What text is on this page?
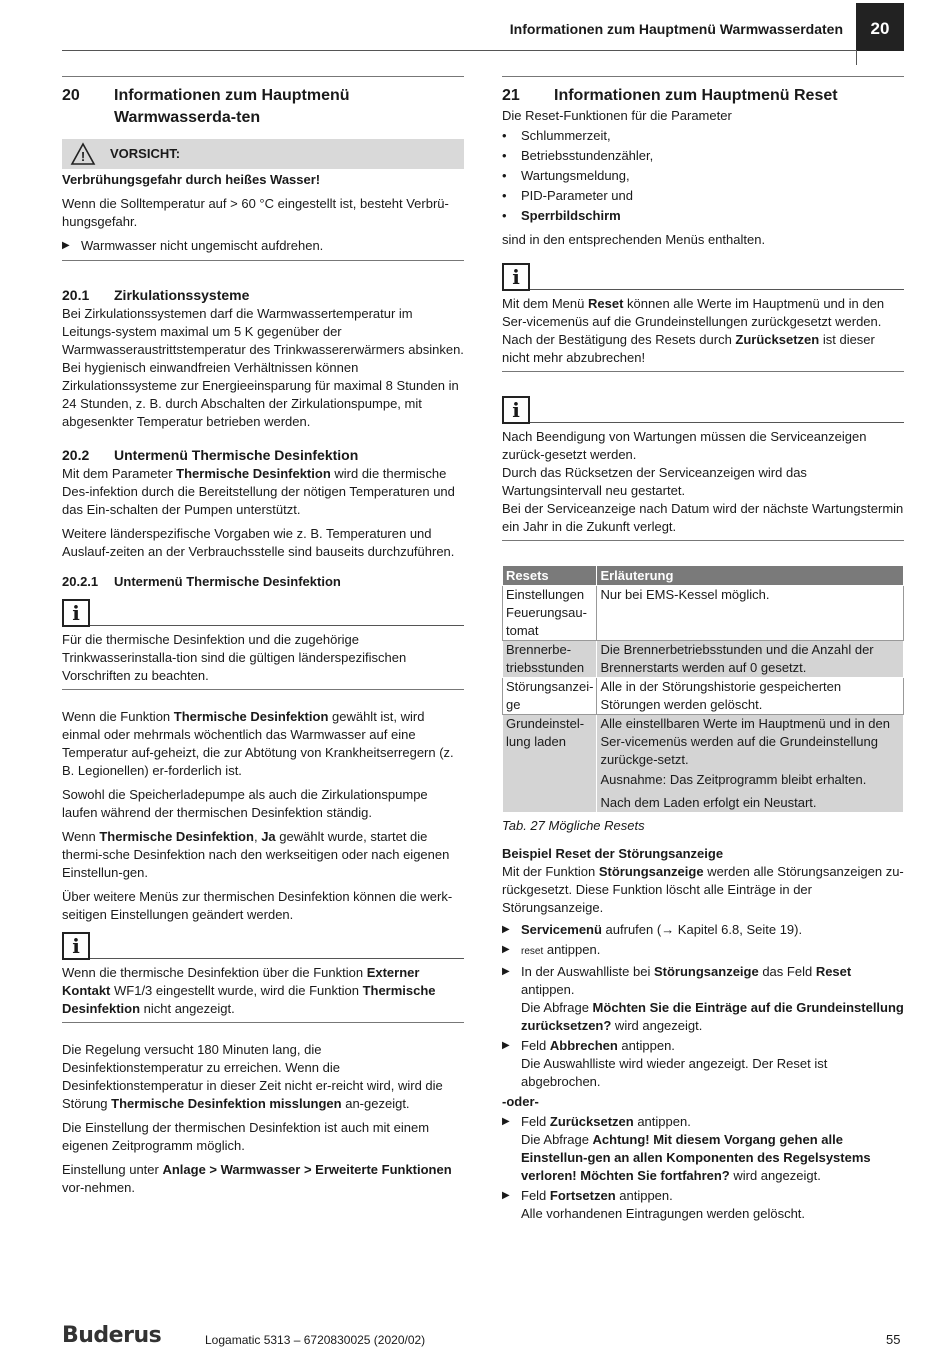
Informationen zum Hauptmenü Warmwasserdaten	20
20	Informationen zum Hauptmenü Warmwasserda-ten
! VORSICHT:

Verbrühungsgefahr durch heißes Wasser!

Wenn die Solltemperatur auf > 60 °C eingestellt ist, besteht Verbrü-hungsgefahr.

▶ Warmwasser nicht ungemischt aufdrehen.
20.1	Zirkulationssysteme

Bei Zirkulationssystemen darf die Warmwassertemperatur im Leitungs-system maximal um 5 K gegenüber der Warmwasseraustrittstemperatur des Trinkwassererwärmers absinken. Bei hygienisch einwandfreien Verhältnissen können Zirkulationssysteme zur Energieeinsparung für maximal 8 Stunden in 24 Stunden, z. B. durch Abschalten der Zirkulationspumpe, mit abgesenkter Temperatur betrieben werden.

20.2	Untermenü Thermische Desinfektion

Mit dem Parameter Thermische Desinfektion wird die thermische Des-infektion durch die Bereitstellung der nötigen Temperaturen und das Ein-schalten der Pumpen unterstützt.

Weitere länderspezifische Vorgaben wie z. B. Temperaturen und Auslauf-zeiten an der Verbrauchsstelle sind bauseits durchzuführen.

20.2.1	Untermenü Thermische Desinfektion
i

Für die thermische Desinfektion und die zugehörige Trinkwasserinstalla-tion sind die gültigen länderspezifischen Vorschriften zu beachten.

Wenn die Funktion Thermische Desinfektion gewählt ist, wird einmal oder mehrmals wöchentlich das Warmwasser auf eine Temperatur auf-geheizt, die zur Abtötung von Krankheitserregern (z. B. Legionellen) er-forderlich ist.

Sowohl die Speicherladepumpe als auch die Zirkulationspumpe laufen während der thermischen Desinfektion ständig.

Wenn Thermische Desinfektion, Ja gewählt wurde, startet die thermi-sche Desinfektion nach den werkseitigen oder nach eigenen Einstellun-gen.

Über weitere Menüs zur thermischen Desinfektion können die werk-seitigen Einstellungen geändert werden.

i

Wenn die thermische Desinfektion über die Funktion Externer Kontakt WF1/3 eingestellt wurde, wird die Funktion Thermische Desinfektion nicht angezeigt.

Die Regelung versucht 180 Minuten lang, die Desinfektionstemperatur zu erreichen. Wenn die Desinfektionstemperatur in dieser Zeit nicht er-reicht wird, wird die Störung Thermische Desinfektion misslungen an-gezeigt.

Die Einstellung der thermischen Desinfektion ist auch mit einem eigenen Zeitprogramm möglich.

Einstellung unter Anlage > Warmwasser > Erweiterte Funktionen vor-nehmen.

21	Informationen zum Hauptmenü Reset

Die Reset-Funktionen für die Parameter

•	Schlummerzeit,
•	Betriebsstundenzähler,
•	Wartungsmeldung,
•	PID-Parameter und
•	Sperrbildschirm

sind in den entsprechenden Menüs enthalten.

i

Mit dem Menü Reset können alle Werte im Hauptmenü und in den Ser-vicemenüs auf die Grundeinstellungen zurückgesetzt werden.

Nach der Bestätigung des Resets durch Zurücksetzen ist dieser nicht mehr abzubrechen!

i

Nach Beendigung von Wartungen müssen die Serviceanzeigen zurück-gesetzt werden.

Durch das Rücksetzen der Serviceanzeigen wird das Wartungsintervall neu gestartet.

Bei der Serviceanzeige nach Datum wird der nächste Wartungstermin ein Jahr in die Zukunft verlegt.

Resets	Erläuterung
Einstellungen Feuerungsau-tomat	Nur bei EMS-Kessel möglich.
Brennerbe-triebsstunden	Die Brennerbetriebsstunden und die Anzahl der Brennerstarts werden auf 0 gesetzt.
Störungsanzei-ge	Alle in der Störungshistorie gespeicherten Störungen werden gelöscht.
Grundeinstel-lung laden	Alle einstellbaren Werte im Hauptmenü und in den Ser-vicemenüs werden auf die Grundeinstellung zurückge-setzt.
Ausnahme: Das Zeitprogramm bleibt erhalten.
Nach dem Laden erfolgt ein Neustart.

Tab. 27 Mögliche Resets

Beispiel Reset der Störungsanzeige

Mit der Funktion Störungsanzeige werden alle Störungsanzeigen zu-rückgesetzt. Diese Funktion löscht alle Einträge in der Störungsanzeige.

▶ Servicemenü aufrufen (→ Kapitel 6.8, Seite 19).
▶	reset antippen.
▶ In der Auswahlliste bei Störungsanzeige das Feld Reset antippen.
Die Abfrage Möchten Sie die Einträge auf die Grundeinstellung zurücksetzen? wird angezeigt.
▶ Feld Abbrechen antippen.
Die Auswahlliste wird wieder angezeigt. Der Reset ist abgebrochen.

-oder-

▶ Feld Zurücksetzen antippen.
Die Abfrage Achtung! Mit diesem Vorgang gehen alle Einstellun-gen an allen Komponenten des Regelsystems verloren! Möchten Sie fortfahren? wird angezeigt.
▶ Feld Fortsetzen antippen.
Alle vorhandenen Eintragungen werden gelöscht.
Buderus	Logamatic 5313 – 6720830025 (2020/02)	55
